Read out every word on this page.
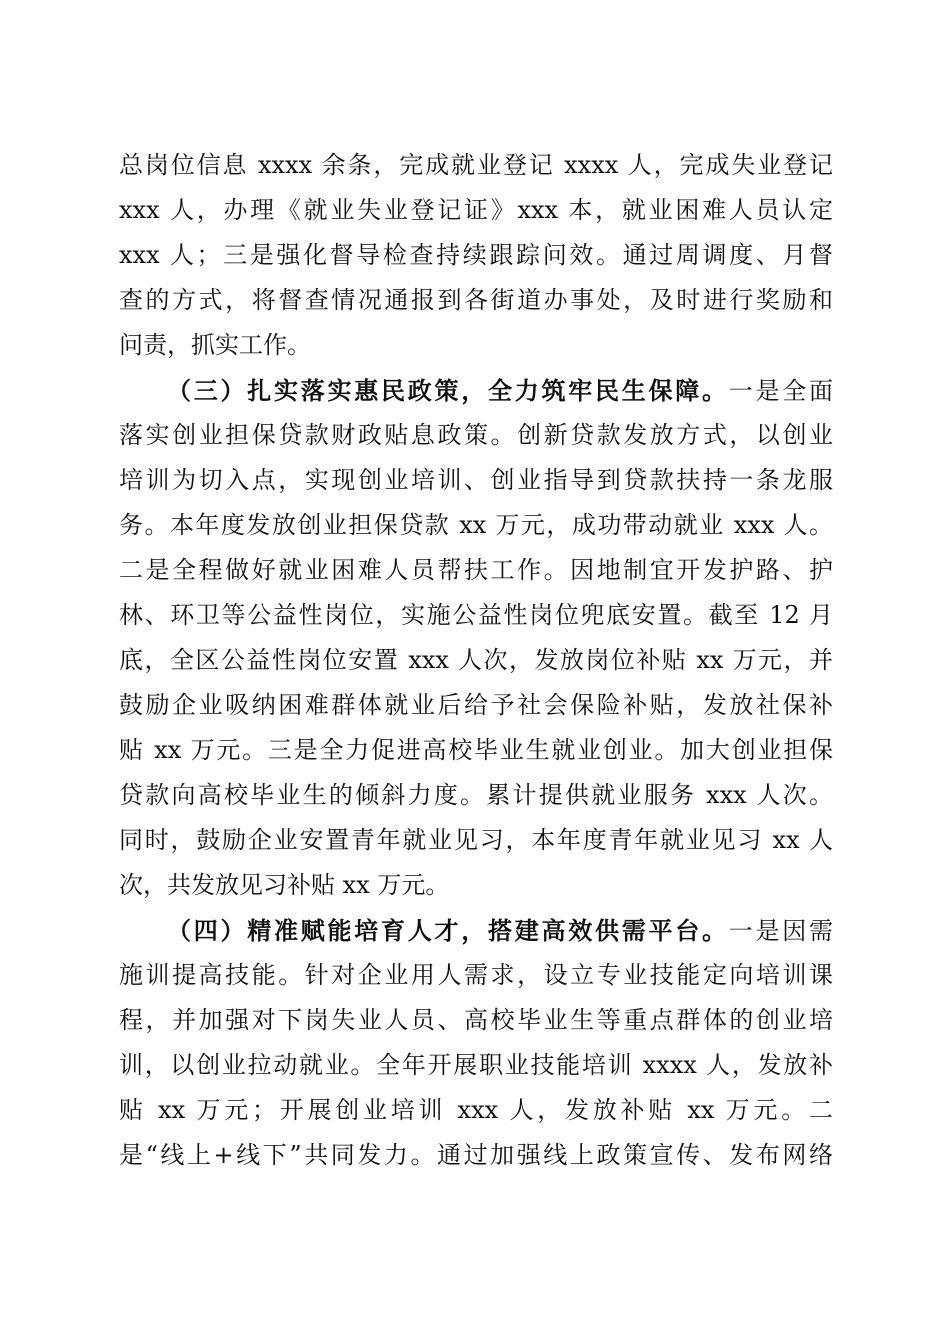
总岗位信息 xxxx 余条，完成就业登记 xxxx 人，完成失业登记
xxx 人，办理《就业失业登记证》xxx 本，就业困难人员认定
xxx 人；三是强化督导检查持续跟踪问效。通过周调度、月督
查的方式，将督查情况通报到各街道办事处，及时进行奖励和
问责，抓实工作。
（三）扎实落实惠民政策，全力筑牢民生保障。一是全面
落实创业担保贷款财政贴息政策。创新贷款发放方式，以创业
培训为切入点，实现创业培训、创业指导到贷款扶持一条龙服
务。本年度发放创业担保贷款 xx 万元，成功带动就业 xxx 人。
二是全程做好就业困难人员帮扶工作。因地制宜开发护路、护
林、环卫等公益性岗位，实施公益性岗位兜底安置。截至 12 月
底，全区公益性岗位安置 xxx 人次，发放岗位补贴 xx 万元，并
鼓励企业吸纳困难群体就业后给予社会保险补贴，发放社保补
贴 xx 万元。三是全力促进高校毕业生就业创业。加大创业担保
贷款向高校毕业生的倾斜力度。累计提供就业服务 xxx 人次。
同时，鼓励企业安置青年就业见习，本年度青年就业见习 xx 人
次，共发放见习补贴 xx 万元。
（四）精准赋能培育人才，搭建高效供需平台。一是因需
施训提高技能。针对企业用人需求，设立专业技能定向培训课
程，并加强对下岗失业人员、高校毕业生等重点群体的创业培
训，以创业拉动就业。全年开展职业技能培训 xxxx 人，发放补
贴 xx 万元；开展创业培训 xxx 人，发放补贴 xx 万元。二
是“线上+线下”共同发力。通过加强线上政策宣传、发布网络
